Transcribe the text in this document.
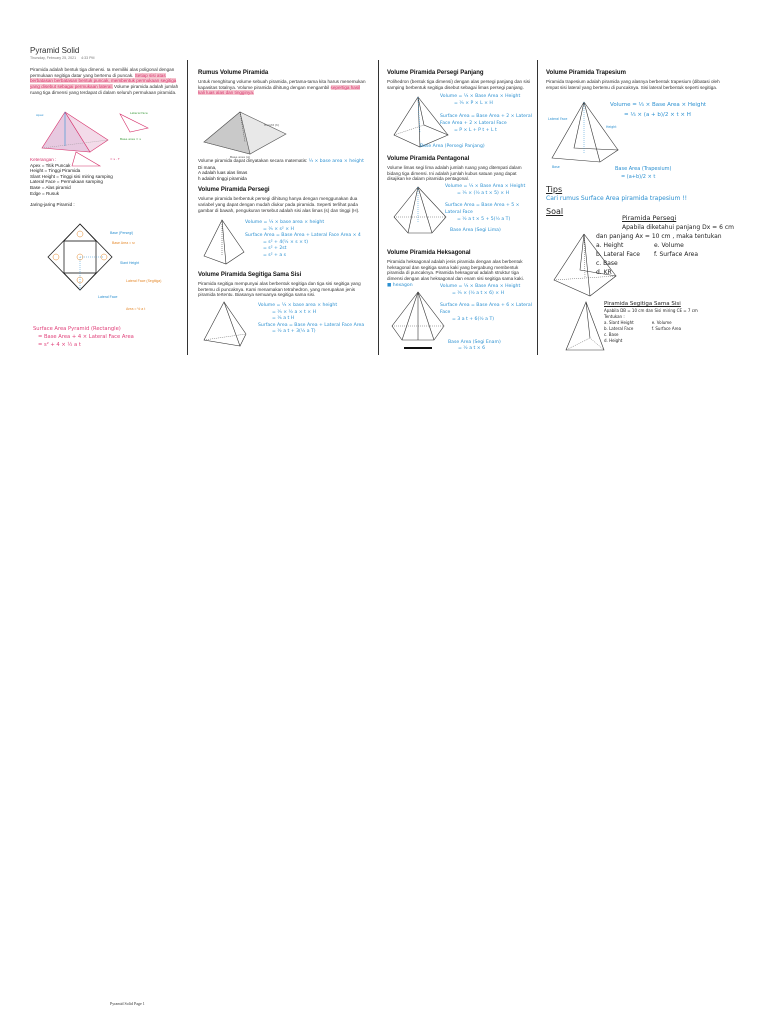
Pyramid Solid
Thursday, February 25, 2021 4:33 PM

Piramida adalah bentuk tiga dimensi. Ia memiliki alas poligonal dengan permukaan segitiga datar yang bertemu di puncak. Setiap sisi atas berbatasan berbatasan bentuk puncak, membentuk permukaan segitiga yang disebut sebagai permukaan lateral. Volume piramida adalah jumlah ruang tiga dimensi yang terdapat di dalam seluruh permukaan piramida.

Apex
Base area = s
Lateral face
= s . T
Keterangan :
Apex = Titik Puncak
Height = Tinggi Piramida
Slant Height = Tinggi sisi miring samping
Lateral Face = Permukaan samping
Base = Alas piramid
Edge = Rusuk
Jaring-jaring Piramid :
Base (Persegi)
Base Area = s²
Slant Height
Lateral Face
Lateral Face (Segitiga)
Area = ½ a t
Surface Area Pyramid (Rectangle)
= Base Area + 4 × Lateral Face Area
= s² + 4 × ½ a t
Rumus Volume Piramida

Untuk menghitung volume sebuah piramida, pertama-tama kita harus menemukan kapasitas totalnya. Volume piramida dihitung dengan mengambil sepertiga hasil kali luas alas dan tingginya.

Height (h)
Base area (A)

Volume piramida dapat dinyatakan secara matematis: ⅓ × base area × height

Di mana,
A adalah luas alas limas
h adalah tinggi piramida
Volume Piramida Persegi

Volume piramida berbentuk persegi dihitung hanya dengan menggunakan dua variabel yang dapat dengan mudah diukur pada piramida. Seperti terlihat pada gambar di bawah, pengukuran tersebut adalah sisi alas limas (s) dan tinggi (H).

Volume = ⅓ × base area × height
= ⅓ × s² × H
Surface Area = Base Area + Lateral Face Area × 4
= s² + 4(½ × s × t)
= s² + 2st
= s² + a s
Volume Piramida Segitiga Sama Sisi

Piramida segitiga mempunyai alas berbentuk segitiga dan tiga sisi segitiga yang bertemu di puncaknya. Kami menamakan tetrahedron, yang merupakan jenis piramida tertentu. Biasanya semuanya segitiga sama sisi.

Volume = ⅓ × base area × height
= ⅓ × ½ a × t × H
= ⅙ a t H
Surface Area = Base Area + Lateral Face Area
= ½ a t + 3(½ a T)
Volume Piramida Persegi Panjang

Polihedron (bentuk tiga dimensi) dengan alas persegi panjang dan sisi samping berbentuk segitiga disebut sebagai limas persegi panjang.

Volume = ⅓ × Base Area × Height
= ⅓ × P × L × H
Surface Area = Base Area + 2 × Lateral Face Area + 2 × Lateral Face
= P × L + P t + L t
Base Area (Persegi Panjang)
Volume Piramida Pentagonal

Volume limas segi lima adalah jumlah ruang yang ditempati dalam bidang tiga dimensi. Ini adalah jumlah kubus satuan yang dapat disajikan ke dalam piramida pentagonal.

Volume = ⅓ × Base Area × Height
= ⅓ × (½ a t × 5) × H
Surface Area = Base Area + 5 × Lateral Face
= ½ a t × 5 + 5(½ a T)
Base Area (Segi Lima)
Volume Piramida Heksagonal

Piramida heksagonal adalah jenis piramida dengan alas berbentuk heksagonal dan segitiga sama kaki yang bergabung membentuk piramida di puncaknya. Piramida heksagonal adalah struktur tiga dimensi dengan alas heksagonal dan enam sisi segitiga sama kaki.

■ hexagon	Volume = ⅓ × Base Area × Height
= ⅓ × (½ a t × 6) × H
Surface Area = Base Area + 6 × Lateral Face
= 3 a t + 6(½ a T)
Base Area (Segi Enam)
= ½ a t × 6
Volume Piramida Trapesium

Piramida trapesium adalah piramida yang alasnya berbentuk trapesium (dibatasi oleh empat sisi lateral yang bertemu di puncaknya. Sisi lateral berbentuk seperti segitiga.

Lateral Face
Height
Base
Volume = ⅓ × Base Area × Height
= ⅓ × (a + b)/2 × t × H
Base Area (Trapesium)
= (a+b)/2 × t
Tips
Cari rumus Surface Area piramida trapesium !!
Soal
Piramida Persegi
Apabila diketahui panjang Dx = 6 cm
dan panjang Ax = 10 cm , maka tentukan
a. Height
b. Lateral Face
c. Base
d. KR
e. Volume
f. Surface Area
Piramida Segitiga Sama Sisi
Apabila DB = 10 cm dan Sisi miring CE = 7 cm
Tentukan :
a. Slant Height
b. Lateral Face
c. Base
d. Height
e. Volume
f. Surface Area
Pyramid Solid Page 1
